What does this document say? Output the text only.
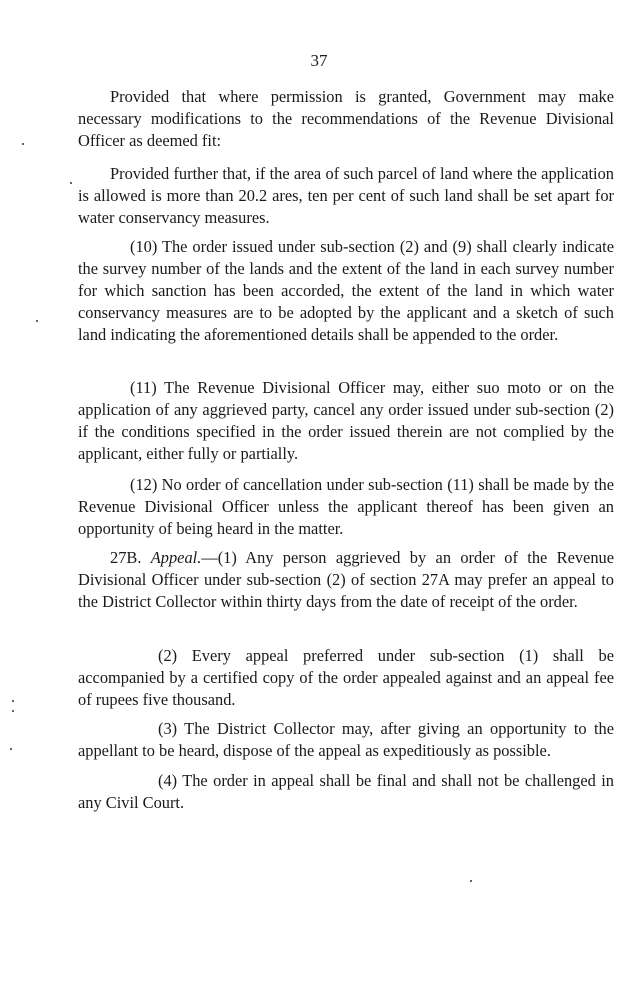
37

Provided that where permission is granted, Government may make necessary modifications to the recommendations of the Revenue Divisional Officer as deemed fit:

Provided further that, if the area of such parcel of land where the application is allowed is more than 20.2 ares, ten per cent of such land shall be set apart for water conservancy measures.

(10) The order issued under sub-section (2) and (9) shall clearly indicate the survey number of the lands and the extent of the land in each survey number for which sanction has been accorded, the extent of the land in which water conservancy measures are to be adopted by the applicant and a sketch of such land indicating the aforementioned details shall be appended to the order.

(11) The Revenue Divisional Officer may, either suo moto or on the application of any aggrieved party, cancel any order issued under sub-section (2) if the conditions specified in the order issued therein are not complied by the applicant, either fully or partially.

(12) No order of cancellation under sub-section (11) shall be made by the Revenue Divisional Officer unless the applicant thereof has been given an opportunity of being heard in the matter.

27B. Appeal.—(1) Any person aggrieved by an order of the Revenue Divisional Officer under sub-section (2) of section 27A may prefer an appeal to the District Collector within thirty days from the date of receipt of the order.

(2) Every appeal preferred under sub-section (1) shall be accompanied by a certified copy of the order appealed against and an appeal fee of rupees five thousand.

(3) The District Collector may, after giving an opportunity to the appellant to be heard, dispose of the appeal as expeditiously as possible.

(4) The order in appeal shall be final and shall not be challenged in any Civil Court.
